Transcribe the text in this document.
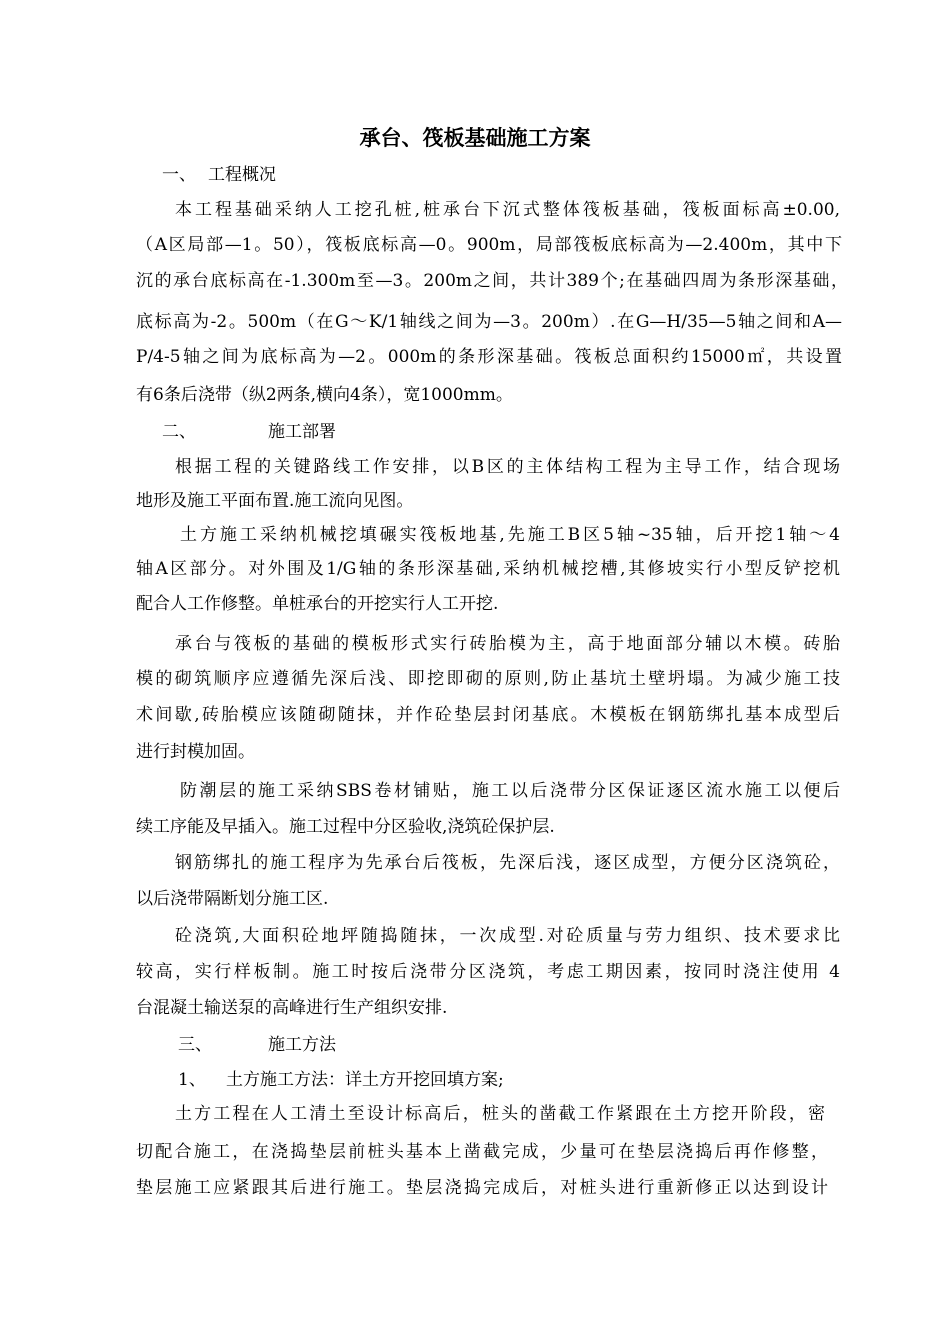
承台、筏板基础施工方案
一、 工程概况
本工程基础采纳人工挖孔桩,桩承台下沉式整体筏板基础，筏板面标高±0.00,
（A区局部—1。50），筏板底标高—0。900m，局部筏板底标高为—2.400m，其中下
沉的承台底标高在-1.300m至—3。200m之间，共计389个;在基础四周为条形深基础，
底标高为-2。500m（在G～K/1轴线之间为—3。200m）.在G—H/35—5轴之间和A—
P/4-5轴之间为底标高为—2。000m的条形深基础。筏板总面积约15000㎡，共设置
有6条后浇带（纵2两条,横向4条），宽1000mm。
二、	施工部署
根据工程的关键路线工作安排，以B区的主体结构工程为主导工作，结合现场
地形及施工平面布置.施工流向见图。
土方施工采纳机械挖填碾实筏板地基,先施工B区5轴~35轴，后开挖1轴～4
轴A区部分。对外围及1/G轴的条形深基础,采纳机械挖槽,其修坡实行小型反铲挖机
配合人工作修整。单桩承台的开挖实行人工开挖.
承台与筏板的基础的模板形式实行砖胎模为主，高于地面部分辅以木模。砖胎
模的砌筑顺序应遵循先深后浅、即挖即砌的原则,防止基坑土壁坍塌。为减少施工技
术间歇,砖胎模应该随砌随抹，并作砼垫层封闭基底。木模板在钢筋绑扎基本成型后
进行封模加固。
防潮层的施工采纳SBS卷材铺贴，施工以后浇带分区保证逐区流水施工以便后
续工序能及早插入。施工过程中分区验收,浇筑砼保护层.
钢筋绑扎的施工程序为先承台后筏板，先深后浅，逐区成型，方便分区浇筑砼，
以后浇带隔断划分施工区.
砼浇筑,大面积砼地坪随捣随抹，一次成型.对砼质量与劳力组织、技术要求比
较高，实行样板制。施工时按后浇带分区浇筑，考虑工期因素，按同时浇注使用 4
台混凝土输送泵的高峰进行生产组织安排.
三、	施工方法
1、 土方施工方法：详土方开挖回填方案;
土方工程在人工清土至设计标高后，桩头的凿截工作紧跟在土方挖开阶段，密
切配合施工，在浇捣垫层前桩头基本上凿截完成，少量可在垫层浇捣后再作修整，
垫层施工应紧跟其后进行施工。垫层浇捣完成后，对桩头进行重新修正以达到设计
